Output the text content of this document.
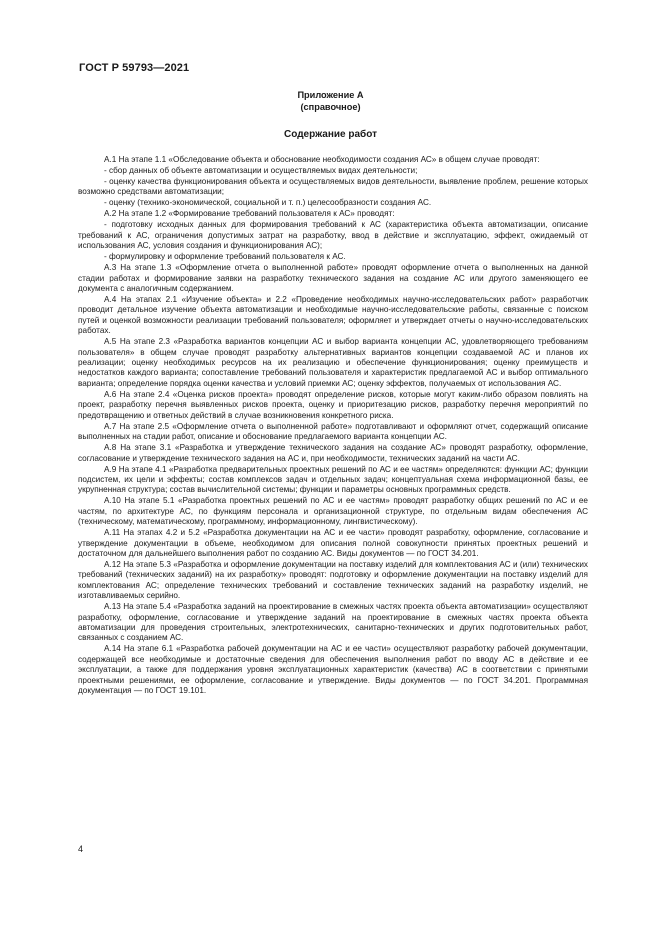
ГОСТ Р 59793—2021
Приложение А
(справочное)
Содержание работ

А.1 На этапе 1.1 «Обследование объекта и обоснование необходимости создания АС» в общем случае проводят:

- сбор данных об объекте автоматизации и осуществляемых видах деятельности;

- оценку качества функционирования объекта и осуществляемых видов деятельности, выявление проблем, решение которых возможно средствами автоматизации;

- оценку (технико-экономической, социальной и т. п.) целесообразности создания АС.

А.2 На этапе 1.2 «Формирование требований пользователя к АС» проводят:

- подготовку исходных данных для формирования требований к АС (характеристика объекта автоматизации, описание требований к АС, ограничения допустимых затрат на разработку, ввод в действие и эксплуатацию, эффект, ожидаемый от использования АС, условия создания и функционирования АС);

- формулировку и оформление требований пользователя к АС.

А.3 На этапе 1.3 «Оформление отчета о выполненной работе» проводят оформление отчета о выполненных на данной стадии работах и формирование заявки на разработку технического задания на создание АС или другого заменяющего ее документа с аналогичным содержанием.

А.4 На этапах 2.1 «Изучение объекта» и 2.2 «Проведение необходимых научно-исследовательских работ» разработчик проводит детальное изучение объекта автоматизации и необходимые научно-исследовательские работы, связанные с поиском путей и оценкой возможности реализации требований пользователя; оформляет и утверждает отчеты о научно-исследовательских работах.

А.5 На этапе 2.3 «Разработка вариантов концепции АС и выбор варианта концепции АС, удовлетворяющего требованиям пользователя» в общем случае проводят разработку альтернативных вариантов концепции создаваемой АС и планов их реализации; оценку необходимых ресурсов на их реализацию и обеспечение функционирования; оценку преимуществ и недостатков каждого варианта; сопоставление требований пользователя и характеристик предлагаемой АС и выбор оптимального варианта; определение порядка оценки качества и условий приемки АС; оценку эффектов, получаемых от использования АС.

А.6 На этапе 2.4 «Оценка рисков проекта» проводят определение рисков, которые могут каким-либо образом повлиять на проект, разработку перечня выявленных рисков проекта, оценку и приоритезацию рисков, разработку перечня мероприятий по предотвращению и ответных действий в случае возникновения конкретного риска.

А.7 На этапе 2.5 «Оформление отчета о выполненной работе» подготавливают и оформляют отчет, содержащий описание выполненных на стадии работ, описание и обоснование предлагаемого варианта концепции АС.

А.8 На этапе 3.1 «Разработка и утверждение технического задания на создание АС» проводят разработку, оформление, согласование и утверждение технического задания на АС и, при необходимости, технических заданий на части АС.

А.9 На этапе 4.1 «Разработка предварительных проектных решений по АС и ее частям» определяются: функции АС; функции подсистем, их цели и эффекты; состав комплексов задач и отдельных задач; концептуальная схема информационной базы, ее укрупненная структура; состав вычислительной системы; функции и параметры основных программных средств.

А.10 На этапе 5.1 «Разработка проектных решений по АС и ее частям» проводят разработку общих решений по АС и ее частям, по архитектуре АС, по функциям персонала и организационной структуре, по отдельным видам обеспечения АС (техническому, математическому, программному, информационному, лингвистическому).

А.11 На этапах 4.2 и 5.2 «Разработка документации на АС и ее части» проводят разработку, оформление, согласование и утверждение документации в объеме, необходимом для описания полной совокупности принятых проектных решений и достаточном для дальнейшего выполнения работ по созданию АС. Виды документов — по ГОСТ 34.201.

А.12 На этапе 5.3 «Разработка и оформление документации на поставку изделий для комплектования АС и (или) технических требований (технических заданий) на их разработку» проводят: подготовку и оформление документации на поставку изделий для комплектования АС; определение технических требований и составление технических заданий на разработку изделий, не изготавливаемых серийно.

А.13 На этапе 5.4 «Разработка заданий на проектирование в смежных частях проекта объекта автоматизации» осуществляют разработку, оформление, согласование и утверждение заданий на проектирование в смежных частях проекта объекта автоматизации для проведения строительных, электротехнических, санитарно-технических и других подготовительных работ, связанных с созданием АС.

А.14 На этапе 6.1 «Разработка рабочей документации на АС и ее части» осуществляют разработку рабочей документации, содержащей все необходимые и достаточные сведения для обеспечения выполнения работ по вводу АС в действие и ее эксплуатации, а также для поддержания уровня эксплуатационных характеристик (качества) АС в соответствии с принятыми проектными решениями, ее оформление, согласование и утверждение. Виды документов — по ГОСТ 34.201. Программная документация — по ГОСТ 19.101.

4
